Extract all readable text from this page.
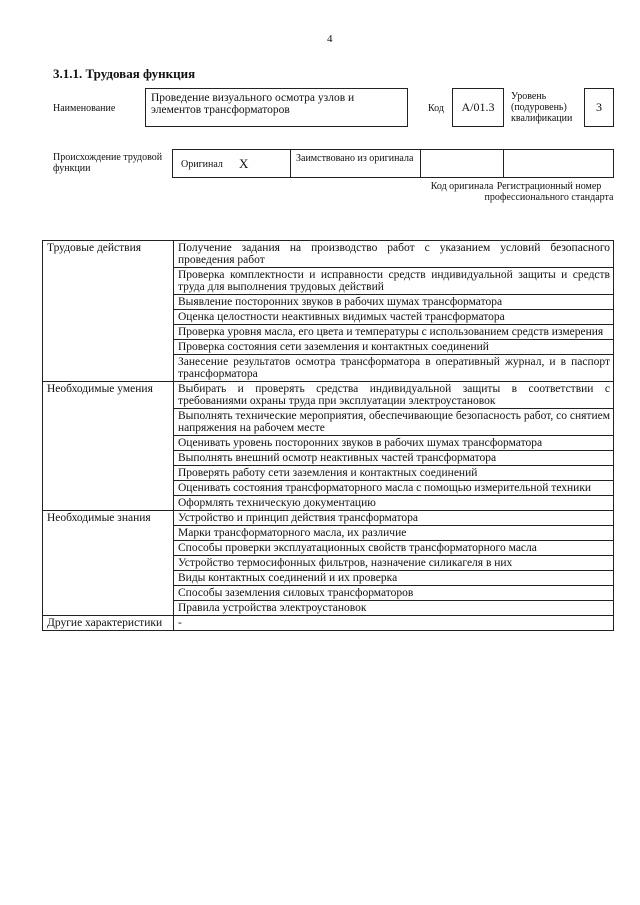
4
3.1.1. Трудовая функция
Наименование
Проведение визуального осмотра узлов и элементов трансформаторов	Код	A/01.3
Уровень (подуровень) квалификации
3
Происхождение трудовой функции	Оригинал X	Заимствовано из оригинала
Код оригинала Регистрационный номер профессионального стандарта
Трудовые действия	Получение задания на производство работ с указанием условий безопасного проведения работ
	Проверка комплектности и исправности средств индивидуальной защиты и средств труда для выполнения трудовых действий
	Выявление посторонних звуков в рабочих шумах трансформатора
	Оценка целостности неактивных видимых частей трансформатора
	Проверка уровня масла, его цвета и температуры с использованием средств измерения
	Проверка состояния сети заземления и контактных соединений
	Занесение результатов осмотра трансформатора в оперативный журнал, и в паспорт трансформатора
Необходимые умения	Выбирать и проверять средства индивидуальной защиты в соответствии с требованиями охраны труда при эксплуатации электроустановок
	Выполнять технические мероприятия, обеспечивающие безопасность работ, со снятием напряжения на рабочем месте
	Оценивать уровень посторонних звуков в рабочих шумах трансформатора
	Выполнять внешний осмотр неактивных частей трансформатора
	Проверять работу сети заземления и контактных соединений
	Оценивать состояния трансформаторного масла с помощью измерительной техники
	Оформлять техническую документацию
Необходимые знания	Устройство и принцип действия трансформатора
	Марки трансформаторного масла, их различие
	Способы проверки эксплуатационных свойств трансформаторного масла
	Устройство термосифонных фильтров, назначение силикагеля в них
	Виды контактных соединений и их проверка
	Способы заземления силовых трансформаторов
	Правила устройства электроустановок
Другие характеристики	-
